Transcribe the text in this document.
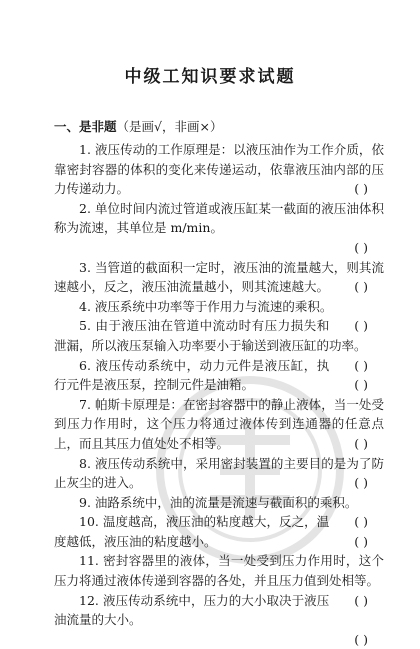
中级工知识要求试题
一、是非题（是画√，非画×）

1. 液压传动的工作原理是：以液压油作为工作介质，依靠密封容器的体积的变化来传递运动，依靠液压油内部的压力传递动力。	( )

2. 单位时间内流过管道或液压缸某一截面的液压油体积称为流速，其单位是 m/min。
( )

3. 当管道的截面积一定时，液压油的流量越大，则其流速越小，反之，液压油流量越小，则其流速越大。	( )

4. 液压系统中功率等于作用力与流速的乘积。
( )

5. 由于液压油在管道中流动时有压力损失和泄漏，所以液压泵输入功率要小于输送到液压缸的功率。
( )

6. 液压传动系统中，动力元件是液压缸，执行元件是液压泵，控制元件是油箱。	( )

7. 帕斯卡原理是：在密封容器中的静止液体，当一处受到压力作用时，这个压力将通过液体传到连通器的任意点上，而且其压力值处处不相等。	( )

8. 液压传动系统中，采用密封装置的主要目的是为了防止灰尘的进入。	( )

9. 油路系统中，油的流量是流速与截面积的乘积。
( )

10. 温度越高，液压油的粘度越大，反之，温度越低，液压油的粘度越小。	( )

11. 密封容器里的液体，当一处受到压力作用时，这个压力将通过液体传递到容器的各处，并且压力值到处相等。
( )

12. 液压传动系统中，压力的大小取决于液压油流量的大小。
( )
